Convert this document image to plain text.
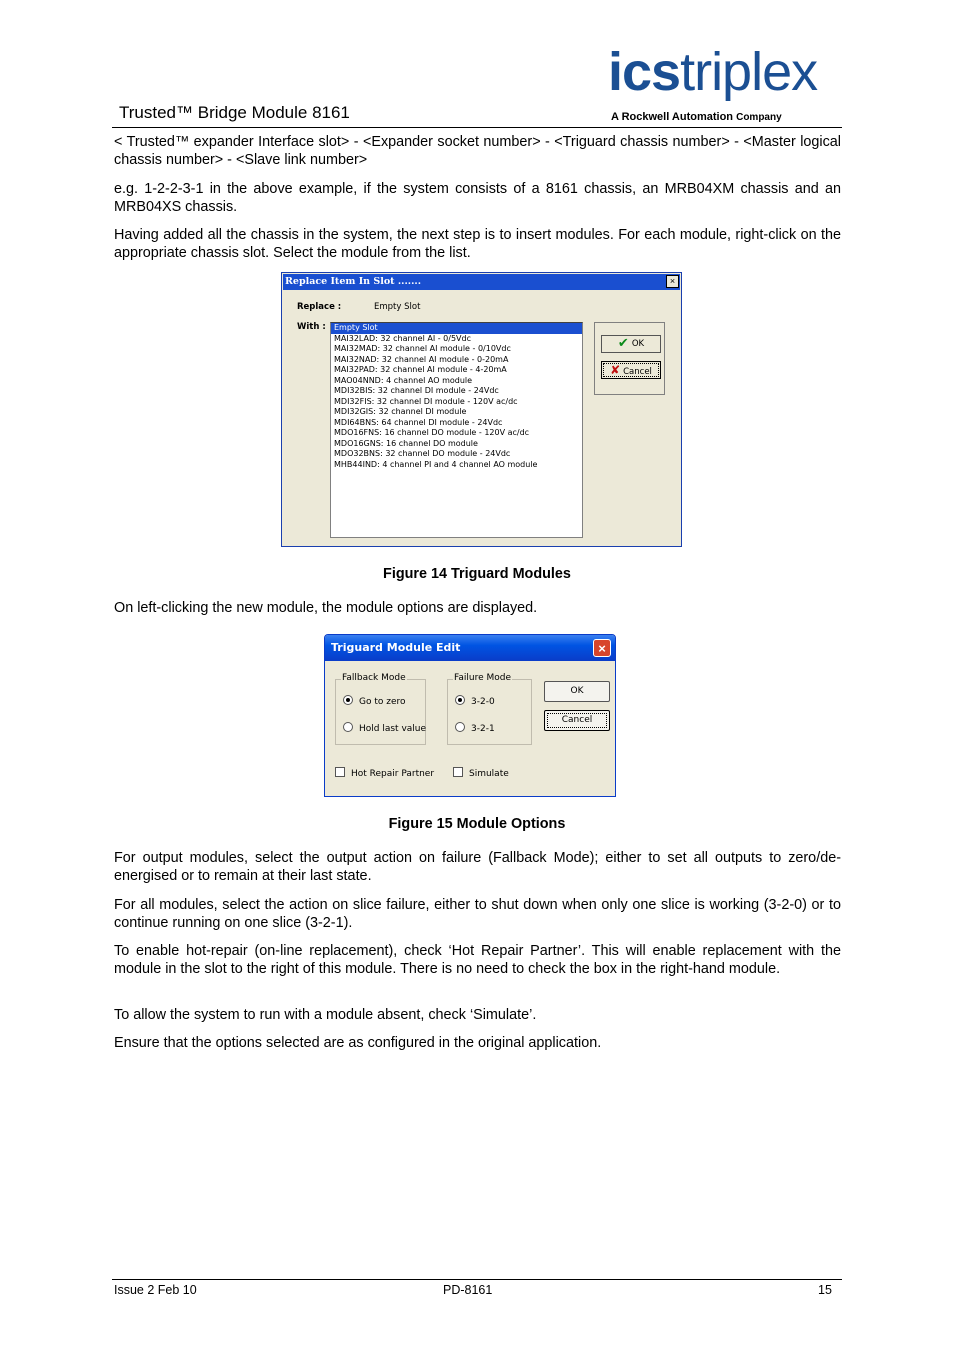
Trusted™ Bridge Module 8161
icstriplex
A Rockwell Automation Company
< Trusted™ expander Interface slot> - <Expander socket number> - <Triguard chassis number> - <Master logical chassis number> - <Slave link number>
e.g. 1-2-2-3-1 in the above example, if the system consists of a 8161 chassis, an MRB04XM chassis and an MRB04XS chassis.
Having added all the chassis in the system, the next step is to insert modules. For each module, right-click on the appropriate chassis slot. Select the module from the list.
Replace Item In Slot .......	×
Replace :	Empty Slot
With :	Empty Slot
MAI32LAD: 32 channel AI - 0/5Vdc
MAI32MAD: 32 channel AI module - 0/10Vdc
MAI32NAD: 32 channel AI module - 0-20mA
MAI32PAD: 32 channel AI module - 4-20mA
MAO04NND: 4 channel AO module
MDI32BIS: 32 channel DI module - 24Vdc
MDI32FIS: 32 channel DI module - 120V ac/dc
MDI32GIS: 32 channel DI module
MDI64BNS: 64 channel DI module - 24Vdc
MDO16FNS: 16 channel DO module - 120V ac/dc
MDO16GNS: 16 channel DO module
MDO32BNS: 32 channel DO module - 24Vdc
MHB44IND: 4 channel PI and 4 channel AO module
✔ OK
✘ Cancel
Figure 14 Triguard Modules
On left-clicking the new module, the module options are displayed.
Triguard Module Edit	×
Fallback Mode
Go to zero
Hold last value
Failure Mode
3-2-0
3-2-1
OK
Cancel
Hot Repair Partner	Simulate
Figure 15 Module Options
For output modules, select the output action on failure (Fallback Mode); either to set all outputs to zero/de-energised or to remain at their last state.
For all modules, select the action on slice failure, either to shut down when only one slice is working (3-2-0) or to continue running on one slice (3-2-1).
To enable hot-repair (on-line replacement), check ‘Hot Repair Partner’. This will enable replacement with the module in the slot to the right of this module. There is no need to check the box in the right-hand module.
To allow the system to run with a module absent, check ‘Simulate’.
Ensure that the options selected are as configured in the original application.
Issue 2 Feb 10	PD-8161	15
